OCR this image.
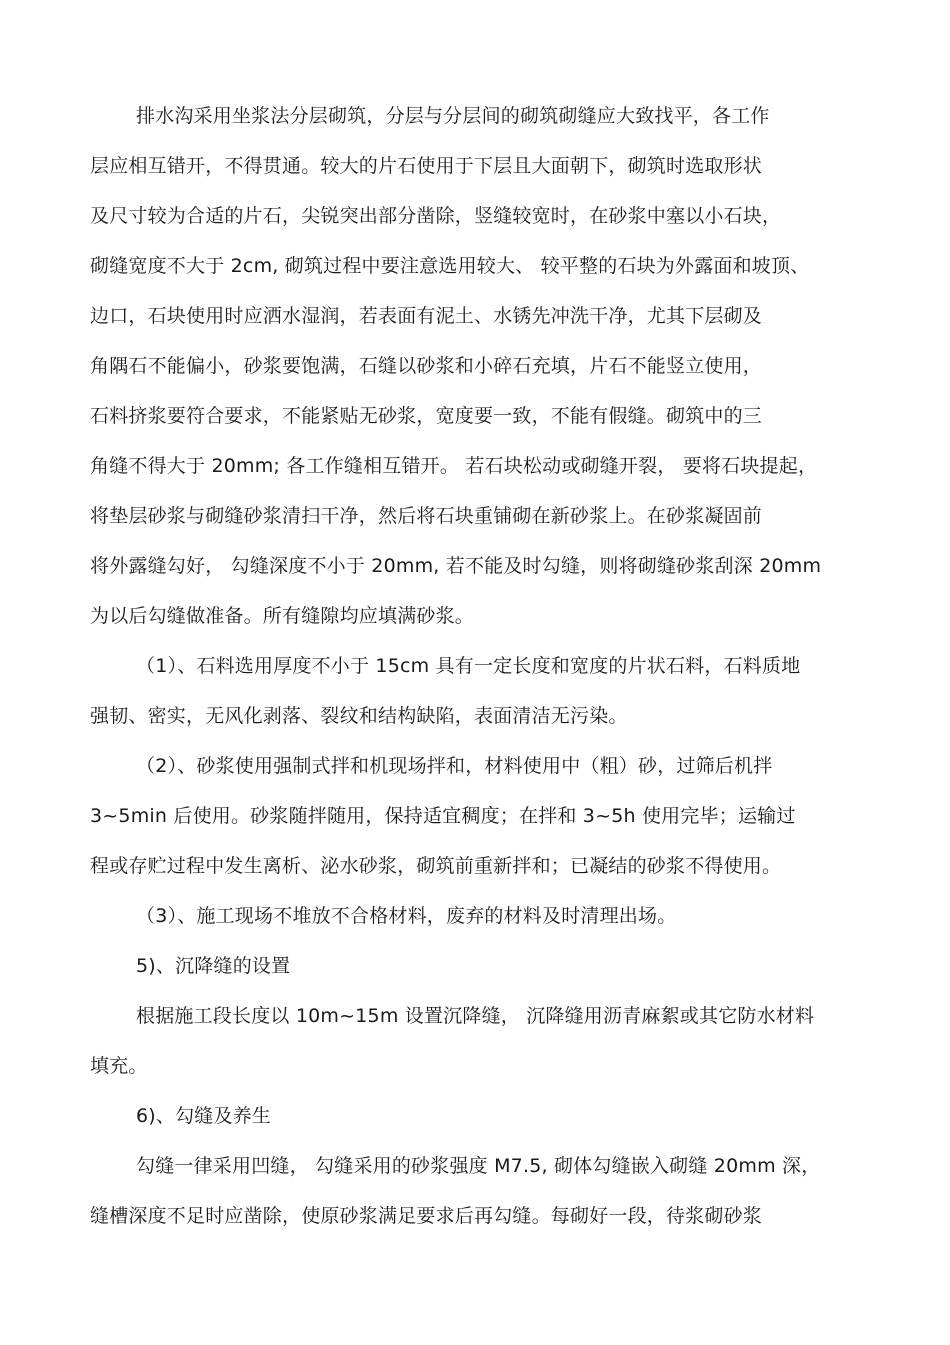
排水沟采用坐浆法分层砌筑，分层与分层间的砌筑砌缝应大致找平，各工作
层应相互错开，不得贯通。较大的片石使用于下层且大面朝下，砌筑时选取形状
及尺寸较为合适的片石，尖锐突出部分凿除，竖缝较宽时，在砂浆中塞以小石块，
砌缝宽度不大于 2cm, 砌筑过程中要注意选用较大、 较平整的石块为外露面和坡顶、
边口，石块使用时应洒水湿润，若表面有泥土、水锈先冲洗干净，尤其下层砌及
角隅石不能偏小，砂浆要饱满，石缝以砂浆和小碎石充填，片石不能竖立使用，
石料挤浆要符合要求，不能紧贴无砂浆，宽度要一致，不能有假缝。砌筑中的三
角缝不得大于 20mm; 各工作缝相互错开。 若石块松动或砌缝开裂， 要将石块提起，
将垫层砂浆与砌缝砂浆清扫干净，然后将石块重铺砌在新砂浆上。在砂浆凝固前
将外露缝勾好， 勾缝深度不小于 20mm, 若不能及时勾缝，则将砌缝砂浆刮深 20mm
为以后勾缝做准备。所有缝隙均应填满砂浆。
（1）、石料选用厚度不小于 15cm 具有一定长度和宽度的片状石料，石料质地
强韧、密实，无风化剥落、裂纹和结构缺陷，表面清洁无污染。
（2）、砂浆使用强制式拌和机现场拌和，材料使用中（粗）砂，过筛后机拌
3~5min 后使用。砂浆随拌随用，保持适宜稠度；在拌和 3~5h 使用完毕；运输过
程或存贮过程中发生离析、泌水砂浆，砌筑前重新拌和；已凝结的砂浆不得使用。
（3）、施工现场不堆放不合格材料，废弃的材料及时清理出场。
5)、沉降缝的设置
根据施工段长度以 10m~15m 设置沉降缝， 沉降缝用沥青麻絮或其它防水材料
填充。
6)、勾缝及养生
勾缝一律采用凹缝， 勾缝采用的砂浆强度 M7.5, 砌体勾缝嵌入砌缝 20mm 深，
缝槽深度不足时应凿除，使原砂浆满足要求后再勾缝。每砌好一段，待浆砌砂浆
